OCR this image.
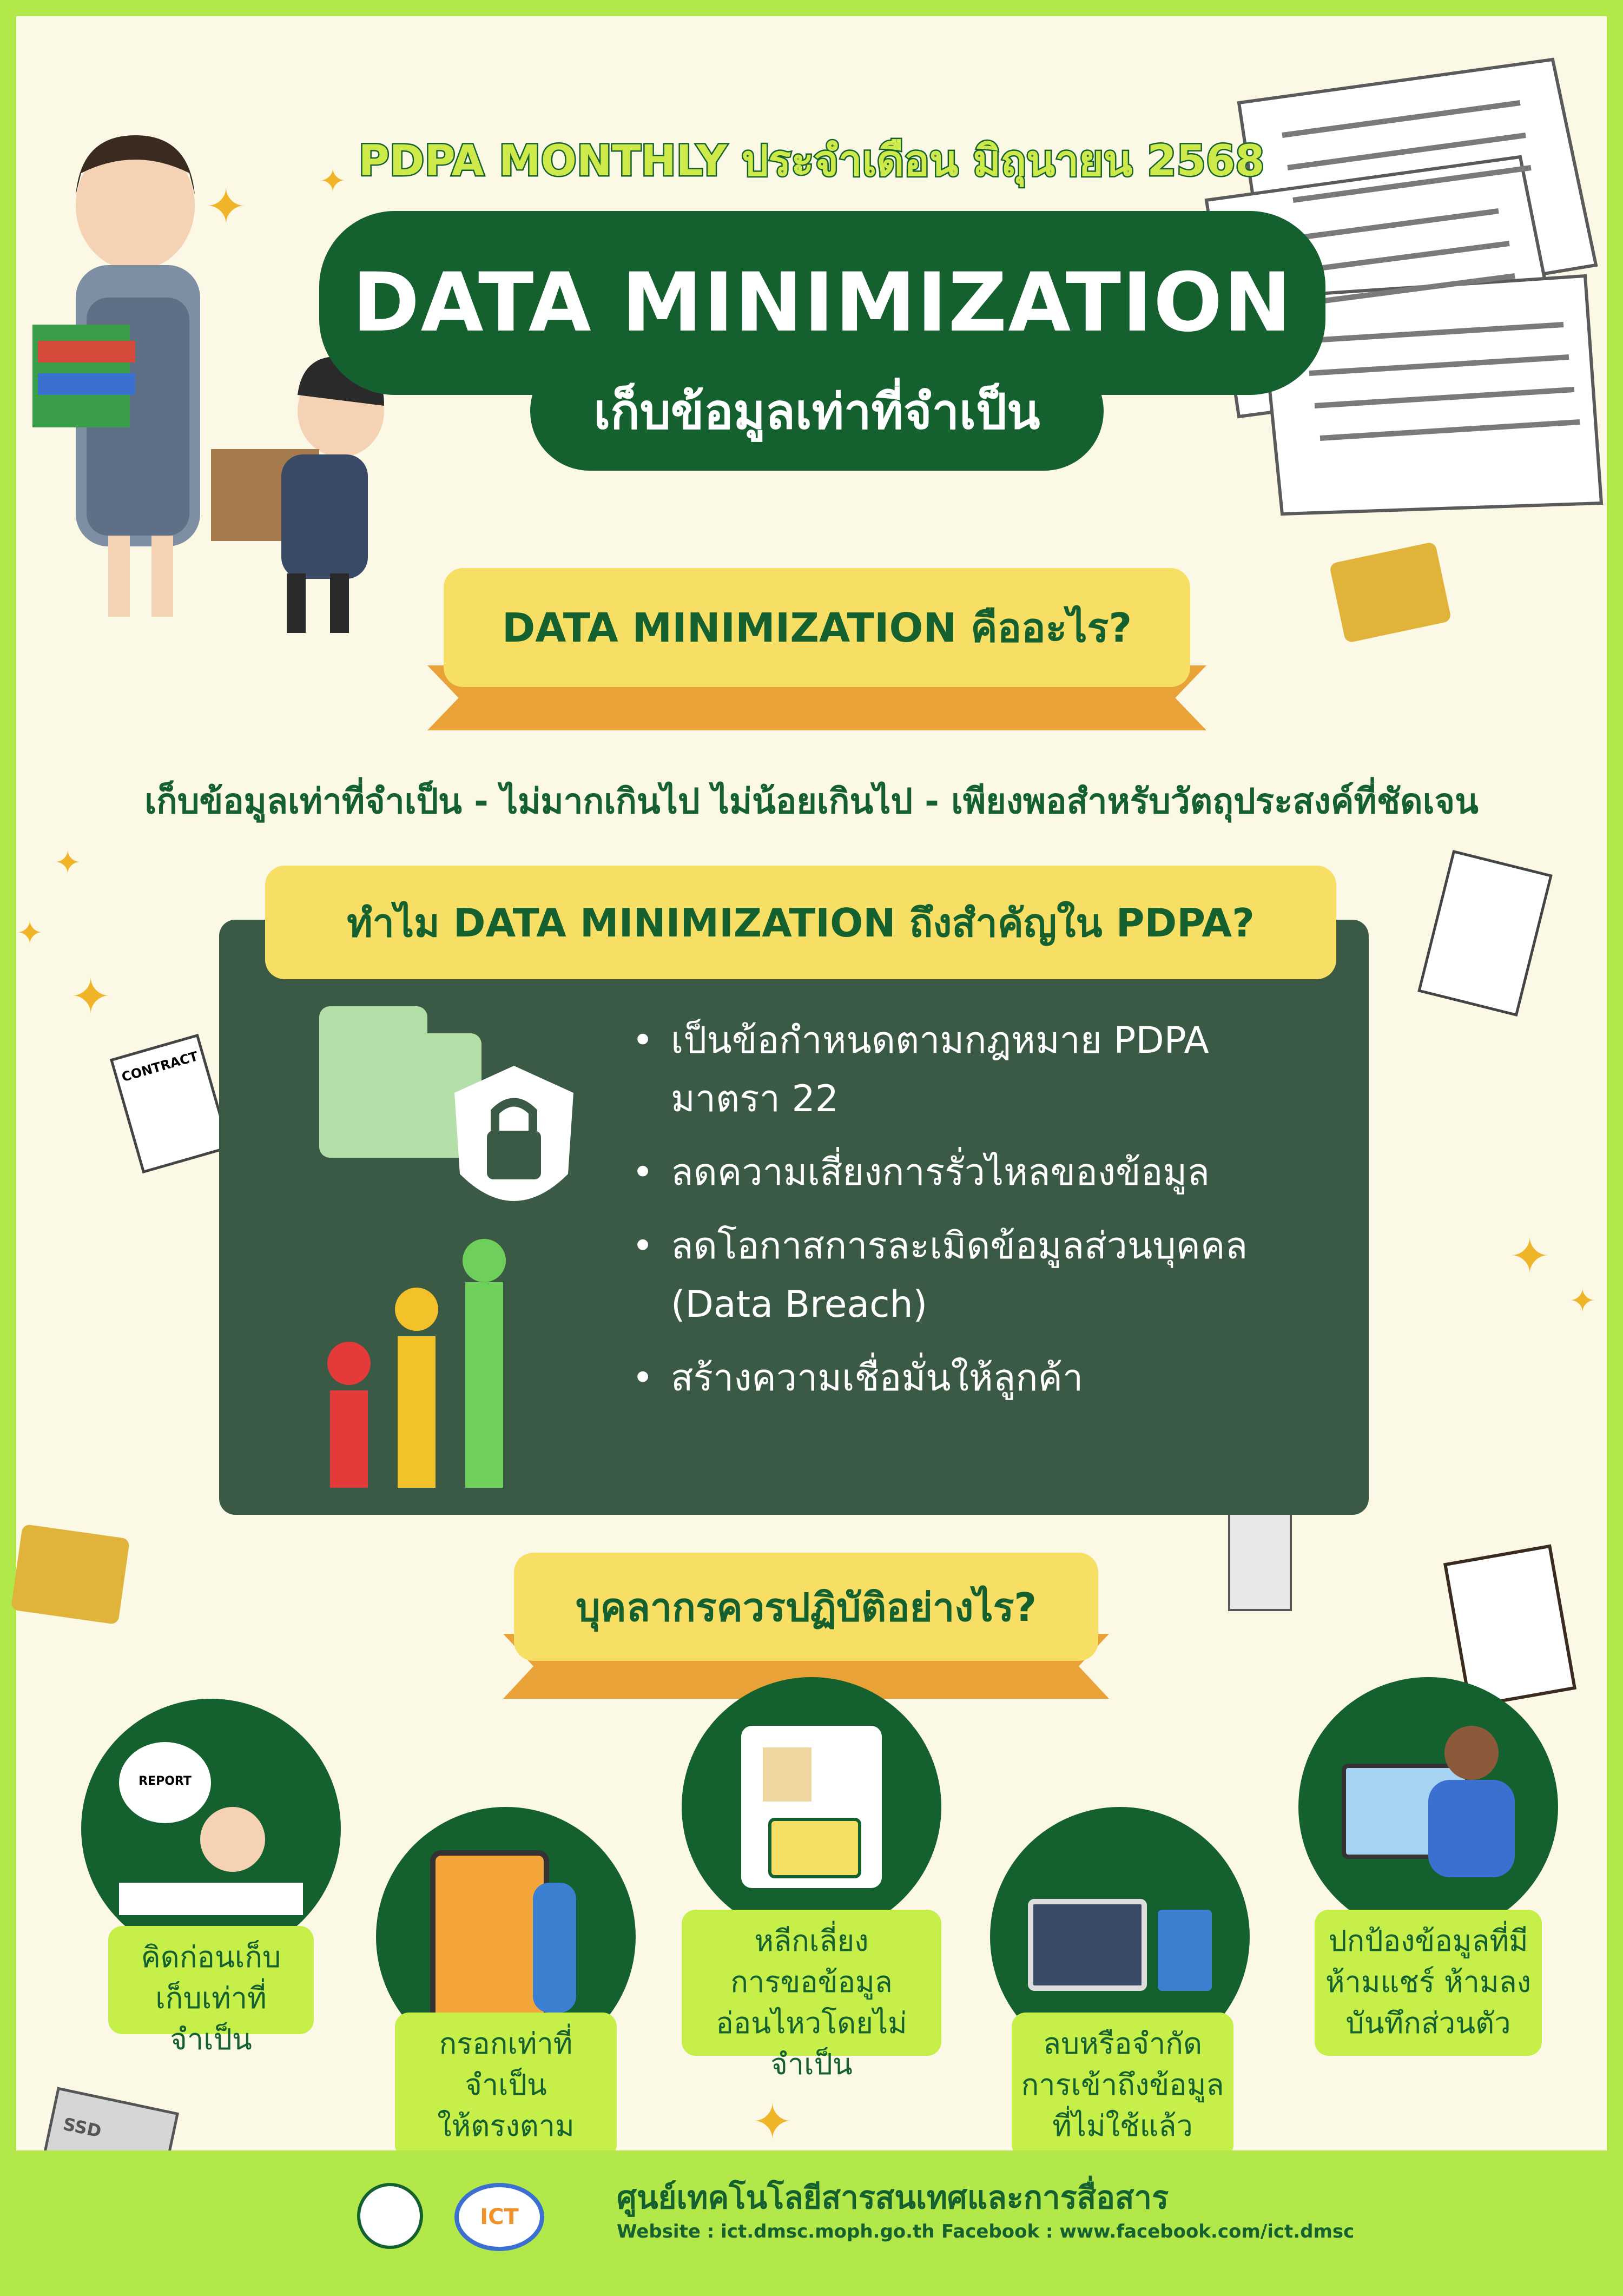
CONTRACT
SSD
✦ ✦
✦
✦
✦
✦
✦
✦
PDPA MONTHLY ประจำเดือน มิถุนายน 2568
DATA MINIMIZATION
เก็บข้อมูลเท่าที่จำเป็น
DATA MINIMIZATION คืออะไร?
เก็บข้อมูลเท่าที่จำเป็น - ไม่มากเกินไป ไม่น้อยเกินไป - เพียงพอสำหรับวัตถุประสงค์ที่ชัดเจน
ทำไม DATA MINIMIZATION ถึงสำคัญใน PDPA?
• เป็นข้อกำหนดตามกฎหมาย PDPA
มาตรา 22
• ลดความเสี่ยงการรั่วไหลของข้อมูล
• ลดโอกาสการละเมิดข้อมูลส่วนบุคคล
(Data Breach)
• สร้างความเชื่อมั่นให้ลูกค้า
บุคลากรควรปฏิบัติอย่างไร?
REPORT
คิดก่อนเก็บ
เก็บเท่าที่จำเป็น	กรอกเท่าที่จำเป็น
ให้ตรงตาม

หลีกเลี่ยง
การขอข้อมูล
อ่อนไหวโดยไม่จำเป็น
ลบหรือจำกัด
การเข้าถึงข้อมูล
ที่ไม่ใช้แล้ว
ปกป้องข้อมูลที่มี
ห้ามแชร์ ห้ามลง
บันทึกส่วนตัว
ICT
ศูนย์เทคโนโลยีสารสนเทศและการสื่อสาร
Website : ict.dmsc.moph.go.th Facebook : www.facebook.com/ict.dmsc
